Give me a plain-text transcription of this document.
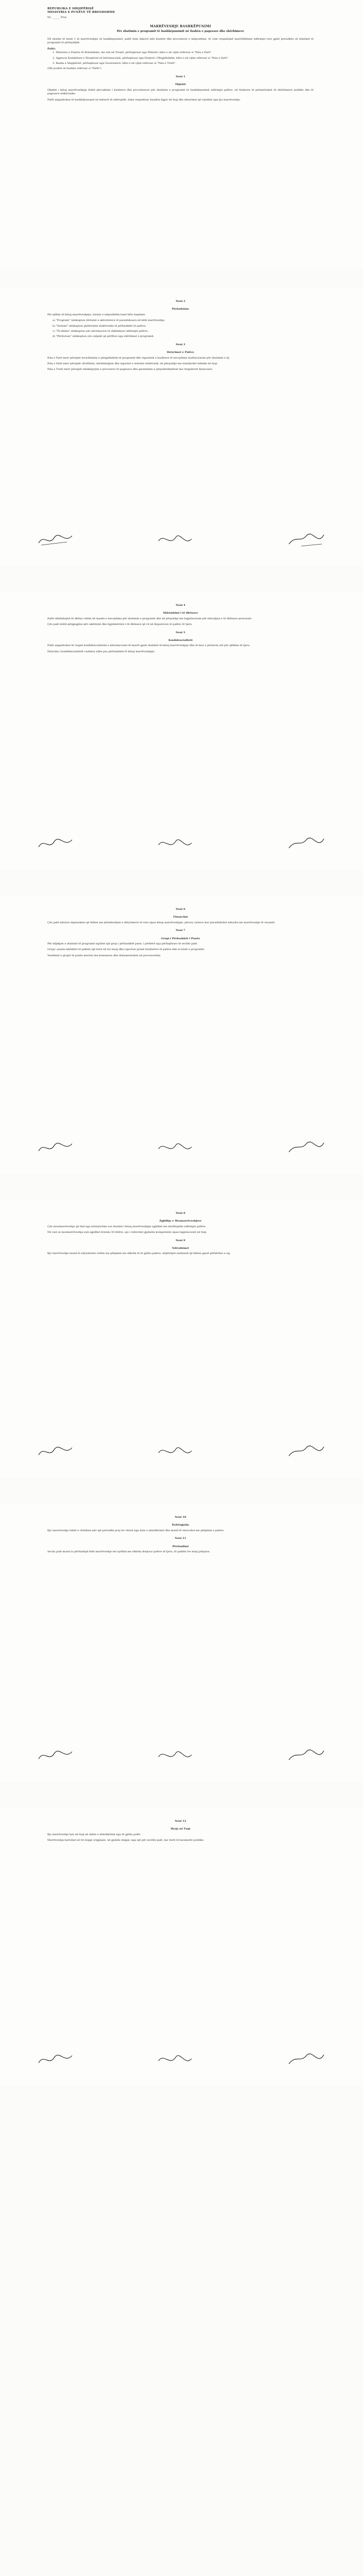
REPUBLIKA E SHQIPËRISË
MINISTRIA E PUNËVE TË BRENDSHME
Nr. ______ Prot.
MARRËVESHJE BASHKËPUNIMI
Për zbatimin e programit të bashkëpunimit në fushën e pagesave dhe shërbimeve

Në zbatim të nenit 1 të marrëveshjes së bashkëpunimit, palët bien dakord mbi kushtet dhe procedurat e mëposhtme, të cilat rregullojnë marrëdhëniet ndërmjet tyre gjatë periudhës së zbatimit të programit të përbashkët.

Palët:
1. Ministria e Punëve të Brendshme, me seli në Tiranë, përfaqësuar nga Ministri, këtu e në vijim referuar si "Pala e Parë".
2. Agjencia Kombëtare e Shoqërisë së Informacionit, përfaqësuar nga Drejtori i Përgjithshëm, këtu e në vijim referuar si "Pala e Dytë".
3. Banka e Shqipërisë, përfaqësuar nga Guvernatori, këtu e në vijim referuar si "Pala e Tretë".

(Më poshtë së bashku referuar si "Palët")

Neni 1
Objekti

Objekti i kësaj marrëveshjeje është përcaktimi i kushteve dhe procedurave për zbatimin e programit të bashkëpunimit ndërmjet palëve, në funksion të përmirësimit të shërbimeve publike dhe të pagesave elektronike.

Palët angazhohen të bashkëpunojnë në mënyrë të ndërsjellë, duke respektuar kuadrin ligjor në fuqi dhe detyrimet që rrjedhin nga kjo marrëveshje.

Neni 2
Përkufizime

Për qëllim të kësaj marrëveshjeje, termat e mëposhtëm kanë këto kuptime:

a) "Programi" nënkupton tërësinë e aktiviteteve të parashikuara në këtë marrëveshje;
b) "Sistemi" nënkupton platformën elektronike të përbashkët të palëve;
c) "Të dhëna" nënkupton çdo informacion të shkëmbyer ndërmjet palëve;
d) "Përdorues" nënkupton çdo subjekt që përfiton nga shërbimet e programit.
Neni 3
Detyrimet e Palëve

Pala e Parë merr përsipër koordinimin e përgjithshëm të programit dhe sigurimin e kushteve të nevojshme institucionale për zbatimin e tij.

Pala e Dytë merr përsipër zhvillimin, mirëmbajtjen dhe sigurinë e sistemit elektronik, në përputhje me standardet teknike në fuqi.

Pala e Tretë merr përsipër mbikëqyrjen e proceseve të pagesave dhe garantimin e përputhshmërisë me rregulloret financiare.

Neni 4
Shkëmbimi i të dhënave

Palët shkëmbejnë të dhëna vetëm në masën e nevojshme për zbatimin e programit dhe në përputhje me legjislacionin për mbrojtjen e të dhënave personale.

Çdo palë është përgjegjëse për saktësinë dhe ligjshmërinë e të dhënave që vë në dispozicion të palëve të tjera.

Neni 5
Konfidencialiteti

Palët angazhohen të ruajnë konfidencialitetin e informacionit të marrë gjatë zbatimit të kësaj marrëveshjeje dhe të mos e përdorin atë për qëllime të tjera.

Detyrimi i konfidencialitetit vazhdon edhe pas përfundimit të kësaj marrëveshjeje.

Neni 6
Financimi

Çdo palë mbulon shpenzimet që lidhen me përmbushjen e detyrimeve të veta sipas kësaj marrëveshjeje, përveç rasteve kur parashikohet ndryshe me marrëveshje të veçantë.

Neni 7
Grupi i Përbashkët i Punës

Për ndjekjen e zbatimit të programit ngrihet një grup i përbashkët pune, i përbërë nga përfaqësues të secilës palë.

Grupi i punës mblidhet të paktën një herë në tre muaj dhe raporton pranë titullarëve të palëve mbi ecurinë e programit.

Vendimet e grupit të punës merren me konsensus dhe dokumentohen në procesverbal.

Neni 8
Zgjidhja e Mosmarrëveshjeve

Çdo mosmarrëveshje që lind nga interpretimi ose zbatimi i kësaj marrëveshjeje zgjidhet me mirëkuptim ndërmjet palëve.

Në rast se mosmarrëveshja nuk zgjidhet brenda 30 ditëve, ajo i referohet gjykatës kompetente sipas legjislacionit në fuqi.

Neni 9
Ndryshimet

Kjo marrëveshje mund të ndryshohet vetëm me pëlqimin me shkrim të të gjitha palëve, nëpërmjet aneksesh që bëhen pjesë përbërëse e saj.

Neni 10
Kohëzgjatja

Kjo marrëveshje është e vlefshme për një periudhë prej tre vitesh nga data e nënshkrimit dhe mund të rinovohet me pëlqimin e palëve.

Neni 11
Përfundimi

Secila palë mund ta përfundojë këtë marrëveshje me njoftim me shkrim drejtuar palëve të tjera, të paktën tre muaj përpara.

Neni 12
Hyrja në Fuqi

Kjo marrëveshje hyn në fuqi në datën e nënshkrimit nga të gjitha palët.

Marrëveshja hartohet në tre kopje origjinale, në gjuhën shqipe, nga një për secilën palë, me vlerë të barabartë juridike.
